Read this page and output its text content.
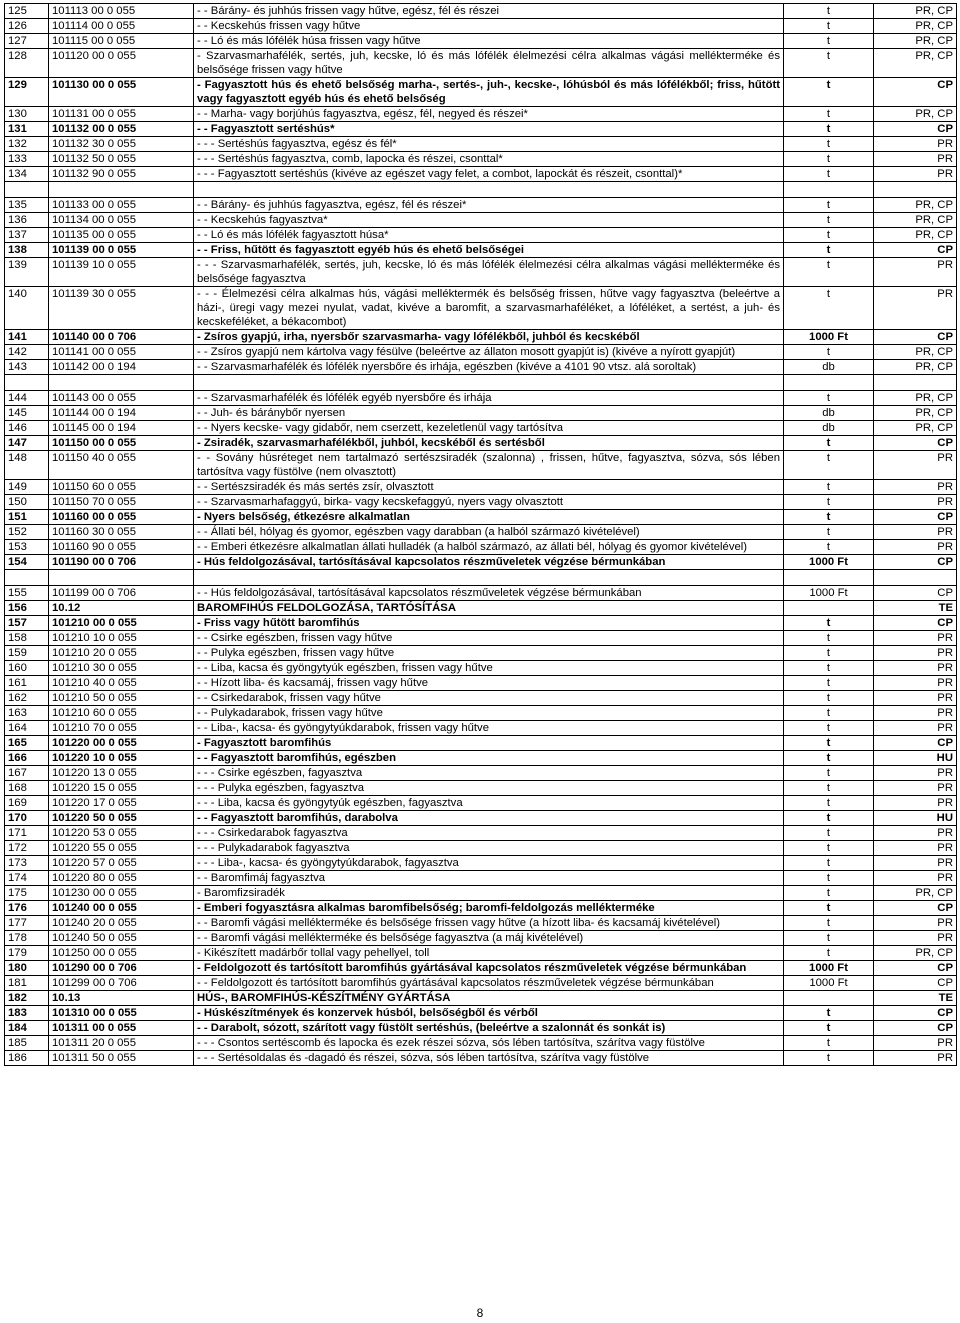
125	101113 00 0 055	- - Bárány- és juhhús frissen vagy hűtve, egész, fél és részei	t	PR, CP
126	101114 00 0 055	- - Kecskehús frissen vagy hűtve	t	PR, CP
127	101115 00 0 055	- - Ló és más lófélék húsa frissen vagy hűtve	t	PR, CP
128	101120 00 0 055	- Szarvasmarhafélék, sertés, juh, kecske, ló és más lófélék élelmezési célra alkalmas vágási melléktermékе és belsősége frissen vagy hűtve	t	PR, CP
129	101130 00 0 055	- Fagyasztott hús és ehető belsőség marha-, sertés-, juh-, kecske-, lóhúsból és más lófélékből; friss, hűtött vagy fagyasztott egyéb hús és ehető belsőség	t	CP
130	101131 00 0 055	- - Marha- vagy borjúhús fagyasztva, egész, fél, negyed és részei*	t	PR, CP
131	101132 00 0 055	- - Fagyasztott sertéshús*	t	CP
132	101132 30 0 055	- - - Sertéshús fagyasztva, egész és fél*	t	PR
133	101132 50 0 055	- - - Sertéshús fagyasztva, comb, lapocka és részei, csonttal*	t	PR
134	101132 90 0 055	- - - Fagyasztott sertéshús (kivéve az egészet vagy felet, a combot, lapockát és részeit, csonttal)*	t	PR

135	101133 00 0 055	- - Bárány- és juhhús fagyasztva, egész, fél és részei*	t	PR, CP
136	101134 00 0 055	- - Kecskehús fagyasztva*	t	PR, CP
137	101135 00 0 055	- - Ló és más lófélék fagyasztott húsa*	t	PR, CP
138	101139 00 0 055	- - Friss, hűtött és fagyasztott egyéb hús és ehető belsőségei	t	CP
139	101139 10 0 055	- - - Szarvasmarhafélék, sertés, juh, kecske, ló és más lófélék élelmezési célra alkalmas vágási mellékterméke és belsősége fagyasztva	t	PR
140	101139 30 0 055	- - - Élelmezési célra alkalmas hús, vágási melléktermék és belsőség frissen, hűtve vagy fagyasztva (beleértve a házi-, üregi vagy mezei nyulat, vadat, kivéve a baromfit, a szarvasmarhaféléket, a lóféléket, a sertést, a juh- és kecskeféléket, a békacombot)	t	PR
141	101140 00 0 706	- Zsíros gyapjú, irha, nyersbőr szarvasmarha- vagy lófélékből, juhból és kecskéből	1000 Ft	CP
142	101141 00 0 055	- - Zsíros gyapjú nem kártolva vagy fésülve (beleértve az állaton mosott gyapjút is) (kivéve a nyírott gyapjút)	t	PR, CP
143	101142 00 0 194	- - Szarvasmarhafélék és lófélék nyersbőre és irhája, egészben (kivéve a 4101 90 vtsz. alá soroltak)	db	PR, CP

144	101143 00 0 055	- - Szarvasmarhafélék és lófélék egyéb nyersbőre és irhája	t	PR, CP
145	101144 00 0 194	- - Juh- és báránybőr nyersen	db	PR, CP
146	101145 00 0 194	- - Nyers kecske- vagy gidabőr, nem cserzett, kezeletlenül vagy tartósítva	db	PR, CP
147	101150 00 0 055	- Zsiradék, szarvasmarhafélékből, juhból, kecskéből és sertésből	t	CP
148	101150 40 0 055	- - Sovány húsréteget nem tartalmazó sertészsiradék (szalonna) , frissen, hűtve, fagyasztva, sózva, sós lében tartósítva vagy füstölve (nem olvasztott)	t	PR
149	101150 60 0 055	- - Sertészsiradék és más sertés zsír, olvasztott	t	PR
150	101150 70 0 055	- - Szarvasmarhafaggyú, birka- vagy kecskefaggyú, nyers vagy olvasztott	t	PR
151	101160 00 0 055	- Nyers belsőség, étkezésre alkalmatlan	t	CP
152	101160 30 0 055	- - Állati bél, hólyag és gyomor, egészben vagy darabban (a halból származó kivételével)	t	PR
153	101160 90 0 055	- - Emberi étkezésre alkalmatlan állati hulladék (a halból származó, az állati bél, hólyag és gyomor kivételével)	t	PR
154	101190 00 0 706	- Hús feldolgozásával, tartósításával kapcsolatos részműveletek végzése bérmunkában	1000 Ft	CP

155	101199 00 0 706	- - Hús feldolgozásával, tartósításával kapcsolatos részműveletek végzése bérmunkában	1000 Ft	CP
156	10.12	BAROMFIHÚS FELDOLGOZÁSA, TARTÓSÍTÁSA		TE
157	101210 00 0 055	- Friss vagy hűtött baromfihús	t	CP
158	101210 10 0 055	- - Csirke egészben, frissen vagy hűtve	t	PR
159	101210 20 0 055	- - Pulyka egészben, frissen vagy hűtve	t	PR
160	101210 30 0 055	- - Liba, kacsa és gyöngytyúk egészben, frissen vagy hűtve	t	PR
161	101210 40 0 055	- - Hízott liba- és kacsamáj, frissen vagy hűtve	t	PR
162	101210 50 0 055	- - Csirkedarabok, frissen vagy hűtve	t	PR
163	101210 60 0 055	- - Pulykadarabok, frissen vagy hűtve	t	PR
164	101210 70 0 055	- - Liba-, kacsa- és gyöngytyúkdarabok, frissen vagy hűtve	t	PR
165	101220 00 0 055	- Fagyasztott baromfihús	t	CP
166	101220 10 0 055	- - Fagyasztott baromfihús, egészben	t	HU
167	101220 13 0 055	- - - Csirke egészben, fagyasztva	t	PR
168	101220 15 0 055	- - - Pulyka egészben, fagyasztva	t	PR
169	101220 17 0 055	- - - Liba, kacsa és gyöngytyúk egészben, fagyasztva	t	PR
170	101220 50 0 055	- - Fagyasztott baromfihús, darabolva	t	HU
171	101220 53 0 055	- - - Csirkedarabok fagyasztva	t	PR
172	101220 55 0 055	- - - Pulykadarabok fagyasztva	t	PR
173	101220 57 0 055	- - - Liba-, kacsa- és gyöngytyúkdarabok, fagyasztva	t	PR
174	101220 80 0 055	- - Baromfimáj fagyasztva	t	PR
175	101230 00 0 055	- Baromfizsiradék	t	PR, CP
176	101240 00 0 055	- Emberi fogyasztásra alkalmas baromfibelsőség; baromfi-feldolgozás mellékterméke	t	CP
177	101240 20 0 055	- - Baromfi vágási mellékterméke és belsősége frissen vagy hűtve (a hízott liba- és kacsamáj kivételével)	t	PR
178	101240 50 0 055	- - Baromfi vágási mellékterméke és belsősége fagyasztva (a máj kivételével)	t	PR
179	101250 00 0 055	- Kikészített madárbőr tollal vagy pehellyel, toll	t	PR, CP
180	101290 00 0 706	- Feldolgozott és tartósított baromfihús gyártásával kapcsolatos részműveletek végzése bérmunkában	1000 Ft	CP
181	101299 00 0 706	- - Feldolgozott és tartósított baromfihús gyártásával kapcsolatos részműveletek végzése bérmunkában	1000 Ft	CP
182	10.13	HÚS-, BAROMFIHÚS-KÉSZÍTMÉNY GYÁRTÁSA		TE
183	101310 00 0 055	- Húskészítmények és konzervek húsból, belsőségből és vérből	t	CP
184	101311 00 0 055	- - Darabolt, sózott, szárított vagy füstölt sertéshús, (beleértve a szalonnát és sonkát is)	t	CP
185	101311 20 0 055	- - - Csontos sertéscomb és lapocka és ezek részei sózva, sós lében tartósítva, szárítva vagy füstölve	t	PR
186	101311 50 0 055	- - - Sertésoldalas és -dagadó és részei, sózva, sós lében tartósítva, szárítva vagy füstölve	t	PR
8
